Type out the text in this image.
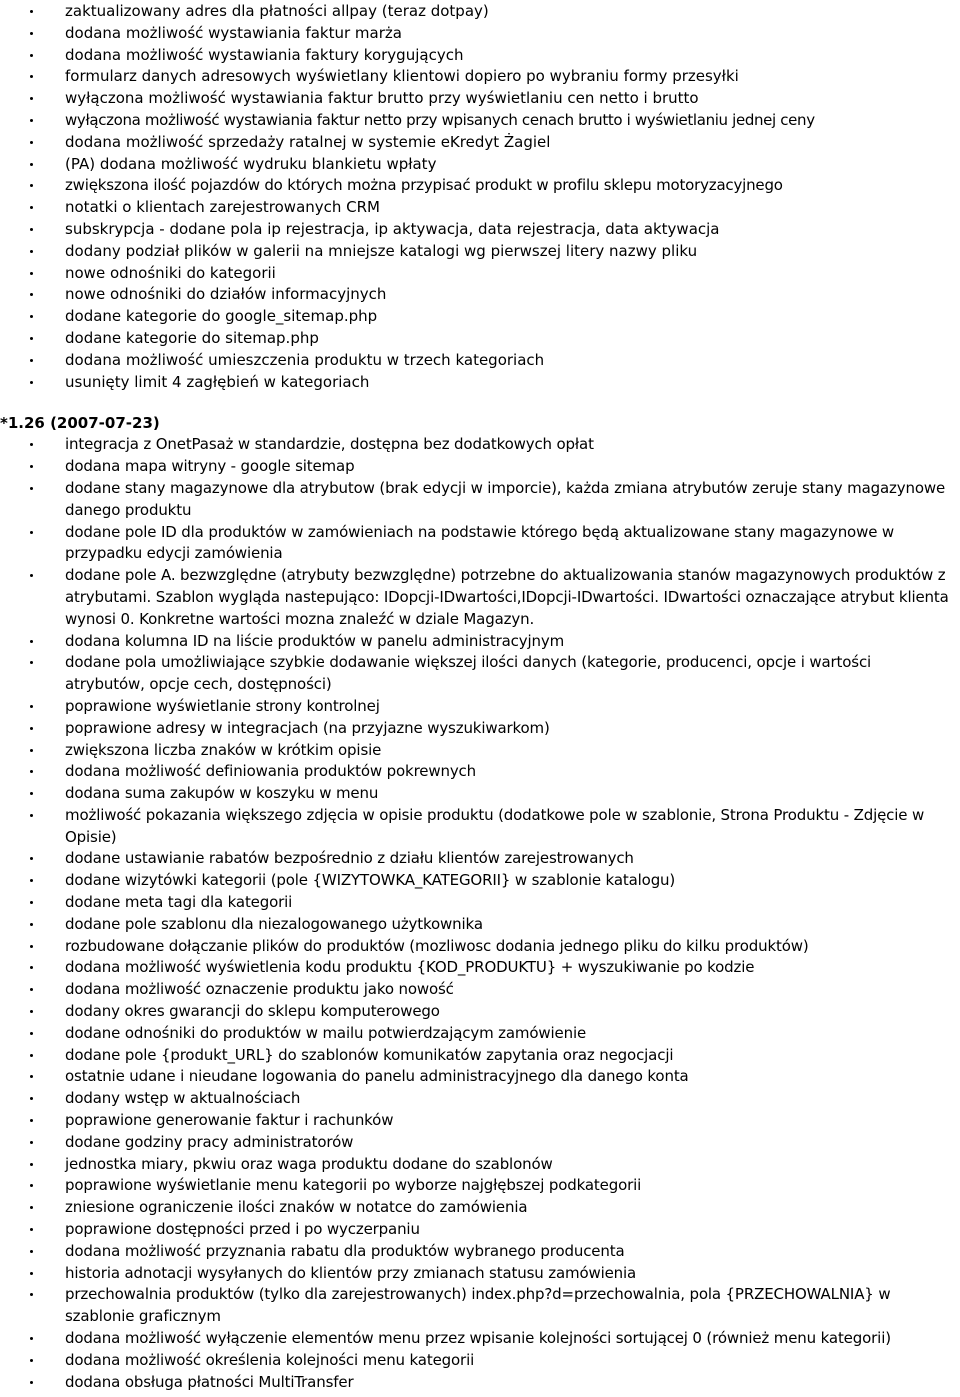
zaktualizowany adres dla płatności allpay (teraz dotpay)
dodana możliwość wystawiania faktur marża
dodana możliwość wystawiania faktury korygujących
formularz danych adresowych wyświetlany klientowi dopiero po wybraniu formy przesyłki
wyłączona możliwość wystawiania faktur brutto przy wyświetlaniu cen netto i brutto
wyłączona możliwość wystawiania faktur netto przy wpisanych cenach brutto i wyświetlaniu jednej ceny
dodana możliwość sprzedaży ratalnej w systemie eKredyt Żagiel
(PA) dodana możliwość wydruku blankietu wpłaty
zwiększona ilość pojazdów do których można przypisać produkt w profilu sklepu motoryzacyjnego
notatki o klientach zarejestrowanych CRM
subskrypcja - dodane pola ip rejestracja, ip aktywacja, data rejestracja, data aktywacja
dodany podział plików w galerii na mniejsze katalogi wg pierwszej litery nazwy pliku
nowe odnośniki do kategorii
nowe odnośniki do działów informacyjnych
dodane kategorie do google_sitemap.php
dodane kategorie do sitemap.php
dodana możliwość umieszczenia produktu w trzech kategoriach
usunięty limit 4 zagłębień w kategoriach
*1.26 (2007-07-23)
integracja z OnetPasaż w standardzie, dostępna bez dodatkowych opłat
dodana mapa witryny - google sitemap
dodane stany magazynowe dla atrybutow (brak edycji w imporcie), każda zmiana atrybutów zeruje stany magazynowe danego produktu
dodane pole ID dla produktów w zamówieniach na podstawie którego będą aktualizowane stany magazynowe w przypadku edycji zamówienia
dodane pole A. bezwzględne (atrybuty bezwzględne) potrzebne do aktualizowania stanów magazynowych produktów z atrybutami. Szablon wygląda nastepująco: IDopcji-IDwartości,IDopcji-IDwartości. IDwartości oznaczające atrybut klienta wynosi 0. Konkretne wartości mozna znaleźć w dziale Magazyn.
dodana kolumna ID na liście produktów w panelu administracyjnym
dodane pola umożliwiające szybkie dodawanie większej ilości danych (kategorie, producenci, opcje i wartości atrybutów, opcje cech, dostępności)
poprawione wyświetlanie strony kontrolnej
poprawione adresy w integracjach (na przyjazne wyszukiwarkom)
zwiększona liczba znaków w krótkim opisie
dodana możliwość definiowania produktów pokrewnych
dodana suma zakupów w koszyku w menu
możliwość pokazania większego zdjęcia w opisie produktu (dodatkowe pole w szablonie, Strona Produktu - Zdjęcie w Opisie)
dodane ustawianie rabatów bezpośrednio z działu klientów zarejestrowanych
dodane wizytówki kategorii (pole {WIZYTOWKA_KATEGORII} w szablonie katalogu)
dodane meta tagi dla kategorii
dodane pole szablonu dla niezalogowanego użytkownika
rozbudowane dołączanie plików do produktów (mozliwosc dodania jednego pliku do kilku produktów)
dodana możliwość wyświetlenia kodu produktu {KOD_PRODUKTU} + wyszukiwanie po kodzie
dodana możliwość oznaczenie produktu jako nowość
dodany okres gwarancji do sklepu komputerowego
dodane odnośniki do produktów w mailu potwierdzającym zamówienie
dodane pole {produkt_URL} do szablonów komunikatów zapytania oraz negocjacji
ostatnie udane i nieudane logowania do panelu administracyjnego dla danego konta
dodany wstęp w aktualnościach
poprawione generowanie faktur i rachunków
dodane godziny pracy administratorów
jednostka miary, pkwiu oraz waga produktu dodane do szablonów
poprawione wyświetlanie menu kategorii po wyborze najgłębszej podkategorii
zniesione ograniczenie ilości znaków w notatce do zamówienia
poprawione dostępności przed i po wyczerpaniu
dodana możliwość przyznania rabatu dla produktów wybranego producenta
historia adnotacji wysyłanych do klientów przy zmianach statusu zamówienia
przechowalnia produktów (tylko dla zarejestrowanych) index.php?d=przechowalnia, pola {PRZECHOWALNIA} w szablonie graficznym
dodana możliwość wyłączenie elementów menu przez wpisanie kolejności sortującej 0 (również menu kategorii)
dodana możliwość określenia kolejności menu kategorii
dodana obsługa płatności MultiTransfer
